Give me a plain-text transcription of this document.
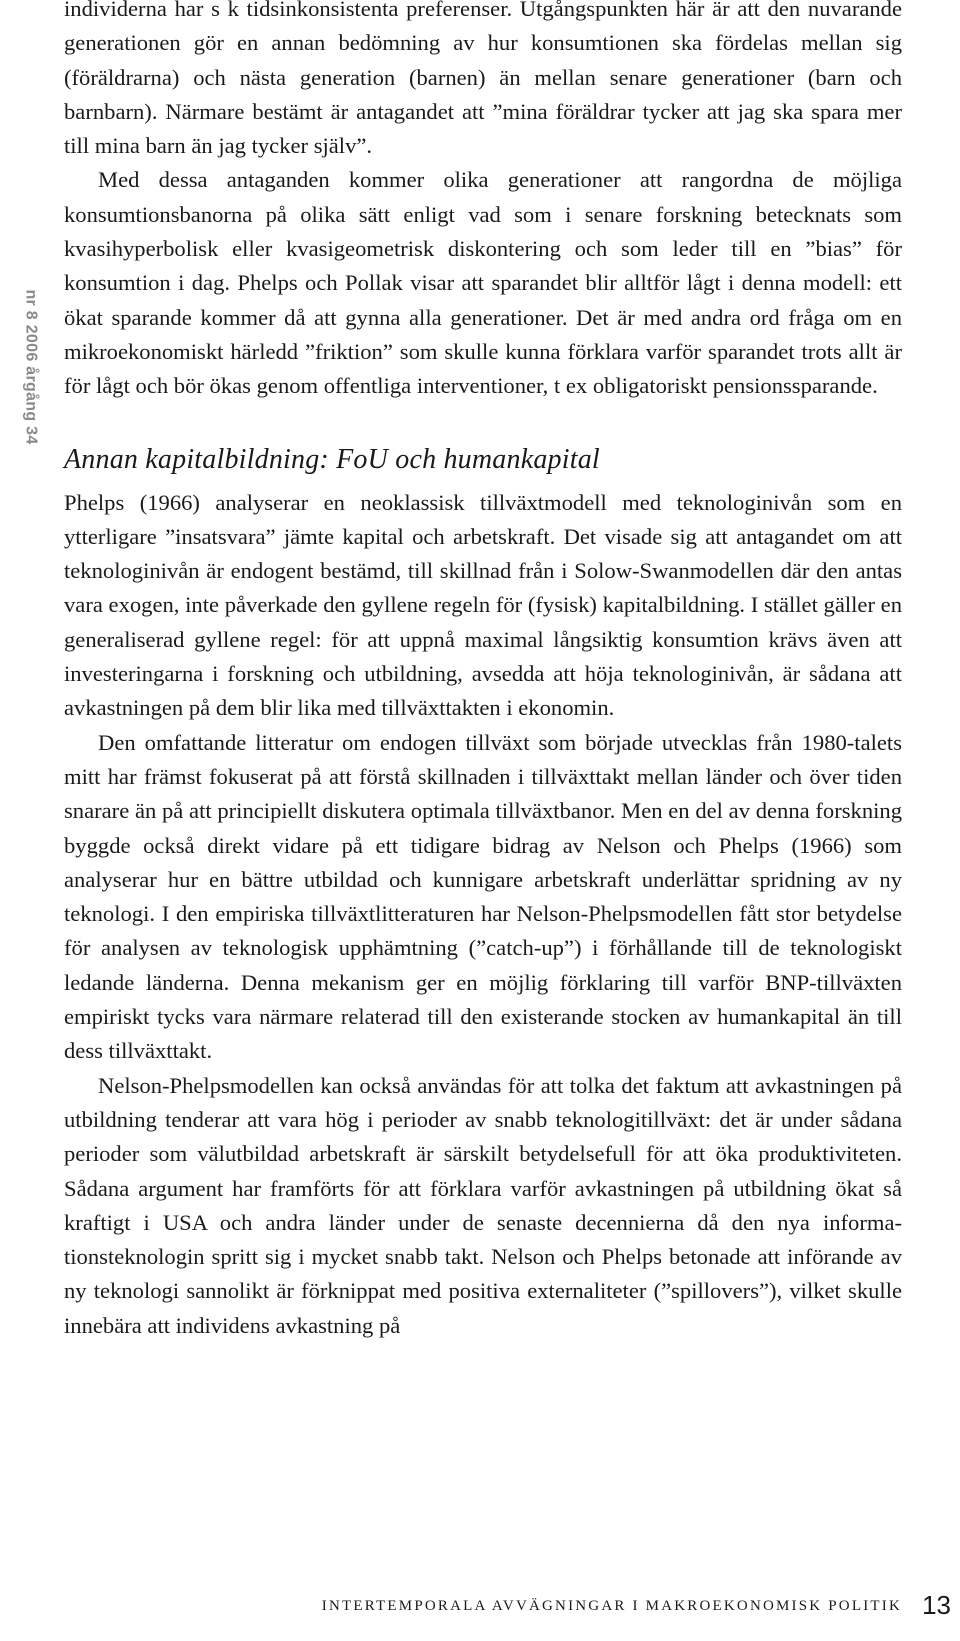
nr 8 2006 årgång 34

individerna har s k tidsinkonsistenta preferenser. Utgångspunkten här är att den nuvarande generationen gör en annan bedömning av hur konsumtionen ska fördelas mellan sig (föräldrarna) och nästa generation (barnen) än mellan senare generationer (barn och barnbarn). Närmare bestämt är antagandet att ”mina föräldrar tycker att jag ska spara mer till mina barn än jag tycker själv”.

Med dessa antaganden kommer olika generationer att rangordna de möjliga konsumtionsbanorna på olika sätt enligt vad som i senare forskning betecknats som kvasihyperbolisk eller kvasigeometrisk diskontering och som leder till en ”bias” för konsumtion i dag. Phelps och Pollak visar att sparandet blir alltför lågt i denna modell: ett ökat sparande kommer då att gynna alla generationer. Det är med andra ord fråga om en mikroekonomiskt härledd ”friktion” som skulle kunna förklara varför sparandet trots allt är för lågt och bör ökas genom offentliga interventioner, t ex obligatoriskt pensionssparande.

Annan kapitalbildning: FoU och humankapital

Phelps (1966) analyserar en neoklassisk tillväxtmodell med teknologinivån som en ytterligare ”insatsvara” jämte kapital och arbetskraft. Det visade sig att antagandet om att teknologinivån är endogent bestämd, till skillnad från i Solow-Swanmodellen där den antas vara exogen, inte påverkade den gyllene regeln för (fysisk) kapitalbildning. I stället gäller en generaliserad gyllene regel: för att uppnå maximal långsiktig konsumtion krävs även att investeringarna i forskning och utbildning, avsedda att höja teknologinivån, är sådana att avkastningen på dem blir lika med tillväxttakten i ekonomin.

Den omfattande litteratur om endogen tillväxt som började utvecklas från 1980-talets mitt har främst fokuserat på att förstå skillnaden i tillväxttakt mellan länder och över tiden snarare än på att principiellt diskutera optimala tillväxtbanor. Men en del av denna forskning byggde också direkt vidare på ett tidigare bidrag av Nelson och Phelps (1966) som analyserar hur en bättre utbildad och kunnigare arbetskraft underlättar spridning av ny teknologi. I den empiriska tillväxtlitteraturen har Nelson-Phelpsmodellen fått stor betydelse för analysen av teknologisk upphämtning (”catch-up”) i förhållande till de teknologiskt ledande länderna. Denna mekanism ger en möjlig förklaring till varför BNP-tillväxten empiriskt tycks vara närmare relaterad till den existerande stocken av humankapital än till dess tillväxttakt.

Nelson-Phelpsmodellen kan också användas för att tolka det faktum att avkastningen på utbildning tenderar att vara hög i perioder av snabb teknologitillväxt: det är under sådana perioder som välutbildad arbetskraft är särskilt betydelsefull för att öka produktiviteten. Sådana argument har framförts för att förklara varför avkastningen på utbildning ökat så kraftigt i USA och andra länder under de senaste decennierna då den nya informationsteknologin spritt sig i mycket snabb takt. Nelson och Phelps betonade att införande av ny teknologi sannolikt är förknippat med positiva externaliteter (”spillovers”), vilket skulle innebära att individens avkastning på

INTERTEMPORALA AVVÄGNINGAR I MAKROEKONOMISK POLITIK 13
